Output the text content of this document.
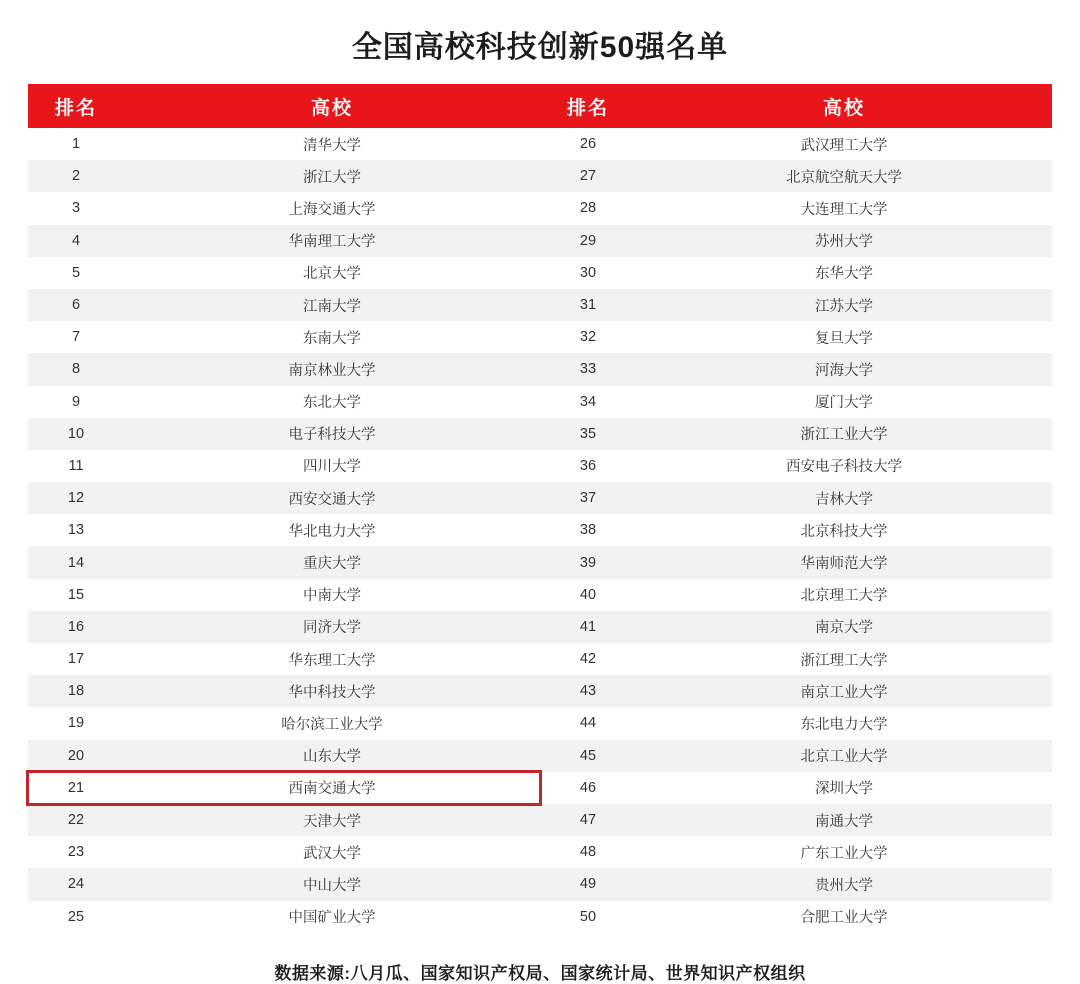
全国高校科技创新50强名单
排名	高校	排名	高校
1	清华大学	26	武汉理工大学
2	浙江大学	27	北京航空航天大学
3	上海交通大学	28	大连理工大学
4	华南理工大学	29	苏州大学
5	北京大学	30	东华大学
6	江南大学	31	江苏大学
7	东南大学	32	复旦大学
8	南京林业大学	33	河海大学
9	东北大学	34	厦门大学
10	电子科技大学	35	浙江工业大学
11	四川大学	36	西安电子科技大学
12	西安交通大学	37	吉林大学
13	华北电力大学	38	北京科技大学
14	重庆大学	39	华南师范大学
15	中南大学	40	北京理工大学
16	同济大学	41	南京大学
17	华东理工大学	42	浙江理工大学
18	华中科技大学	43	南京工业大学
19	哈尔滨工业大学	44	东北电力大学
20	山东大学	45	北京工业大学
21	西南交通大学	46	深圳大学
22	天津大学	47	南通大学
23	武汉大学	48	广东工业大学
24	中山大学	49	贵州大学
25	中国矿业大学	50	合肥工业大学
数据来源:八月瓜、国家知识产权局、国家统计局、世界知识产权组织
